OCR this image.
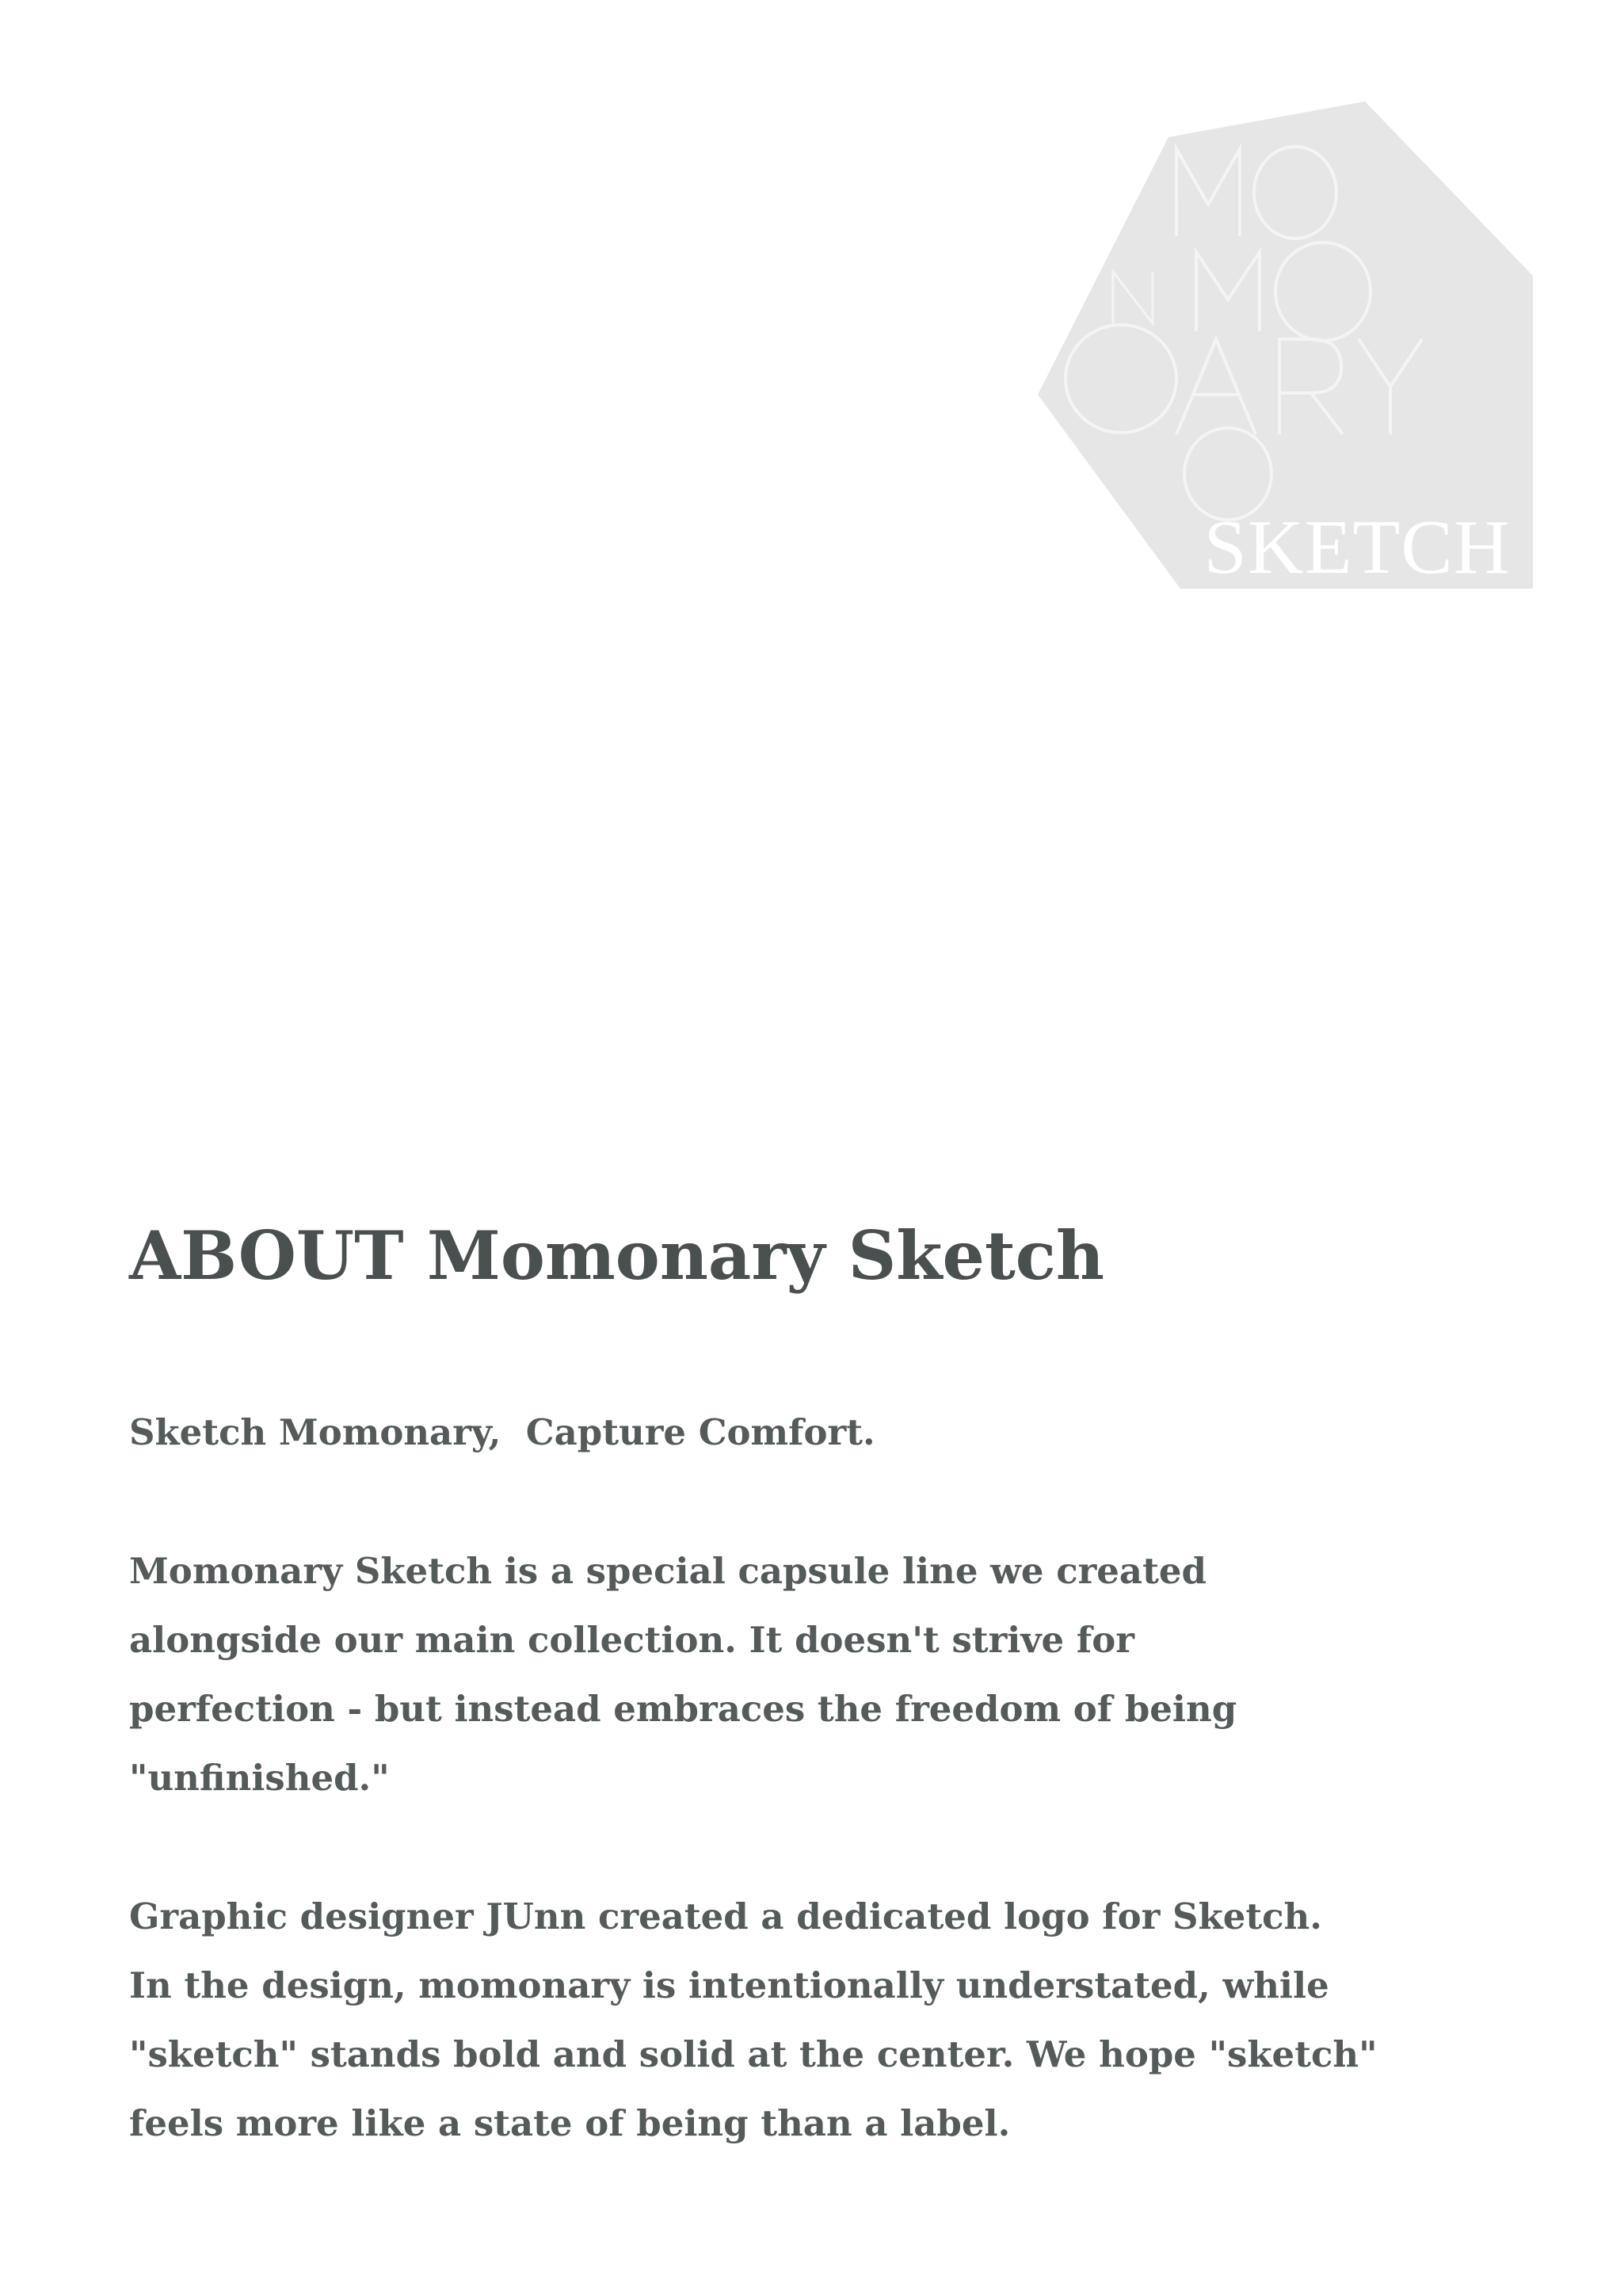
SKETCH
ABOUT Momonary Sketch

Sketch Momonary,  Capture Comfort.

Momonary Sketch is a special capsule line we created
alongside our main collection. It doesn't strive for
perfection - but instead embraces the freedom of being
"unfinished."

Graphic designer JUnn created a dedicated logo for Sketch.
In the design, momonary is intentionally understated, while
"sketch" stands bold and solid at the center. We hope "sketch"
feels more like a state of being than a label.
